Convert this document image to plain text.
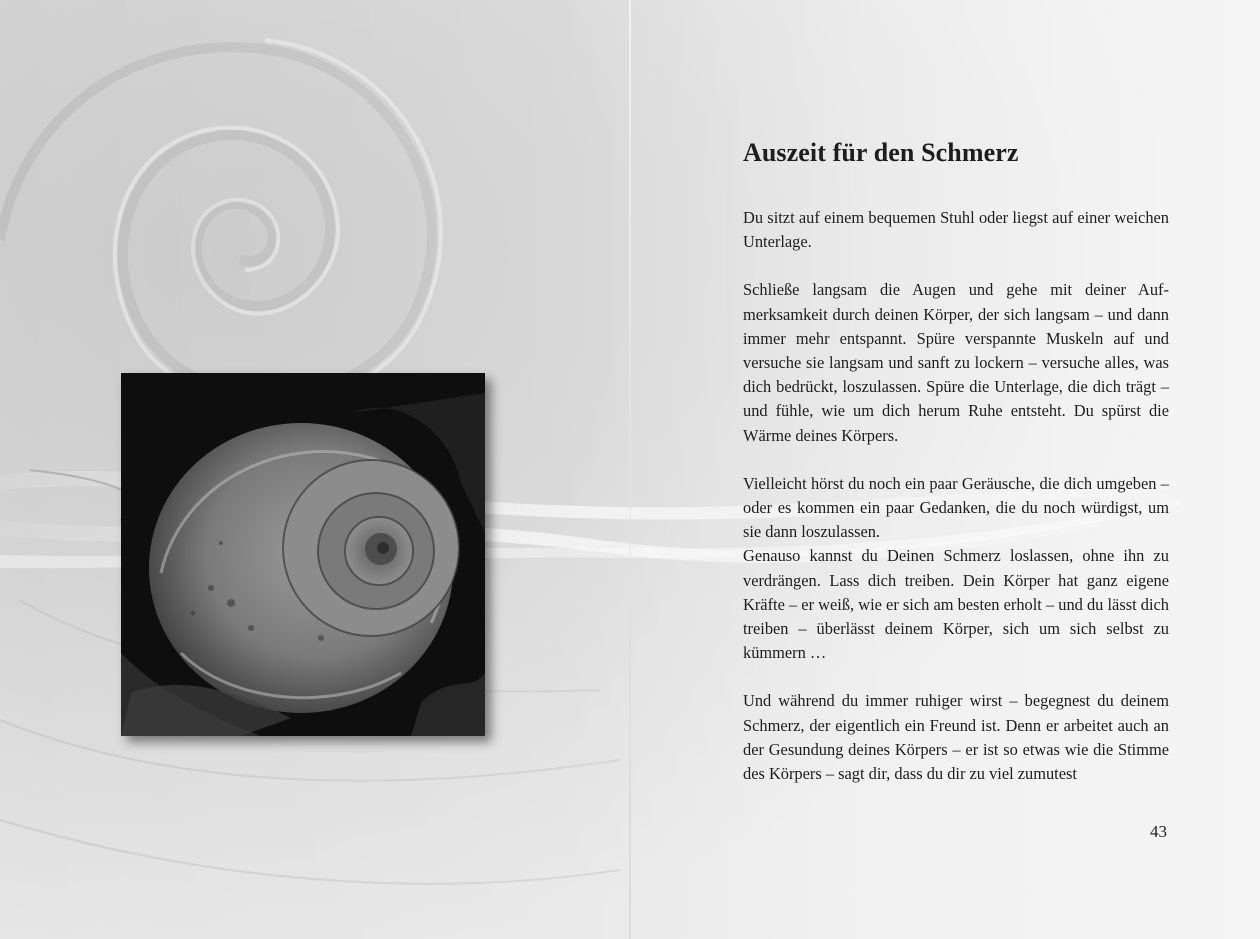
Auszeit für den Schmerz

Du sitzt auf einem bequemen Stuhl oder liegst auf einer weichen Unterlage.

Schließe langsam die Augen und gehe mit deiner Aufmerksamkeit durch deinen Körper, der sich langsam – und dann immer mehr entspannt. Spüre verspannte Muskeln auf und versuche sie langsam und sanft zu lockern – versuche alles, was dich bedrückt, loszulassen. Spüre die Unterlage, die dich trägt – und fühle, wie um dich herum Ruhe entsteht. Du spürst die Wärme deines Körpers.

Vielleicht hörst du noch ein paar Geräusche, die dich umgeben – oder es kommen ein paar Gedanken, die du noch würdigst, um sie dann loszulassen.

Genauso kannst du Deinen Schmerz loslassen, ohne ihn zu verdrängen. Lass dich treiben. Dein Körper hat ganz eigene Kräfte – er weiß, wie er sich am besten erholt – und du lässt dich treiben – überlässt deinem Körper, sich um sich selbst zu kümmern …

Und während du immer ruhiger wirst – begegnest du deinem Schmerz, der eigentlich ein Freund ist. Denn er arbeitet auch an der Gesundung deines Körpers – er ist so etwas wie die Stimme des Körpers – sagt dir, dass du dir zu viel zumutest

43
